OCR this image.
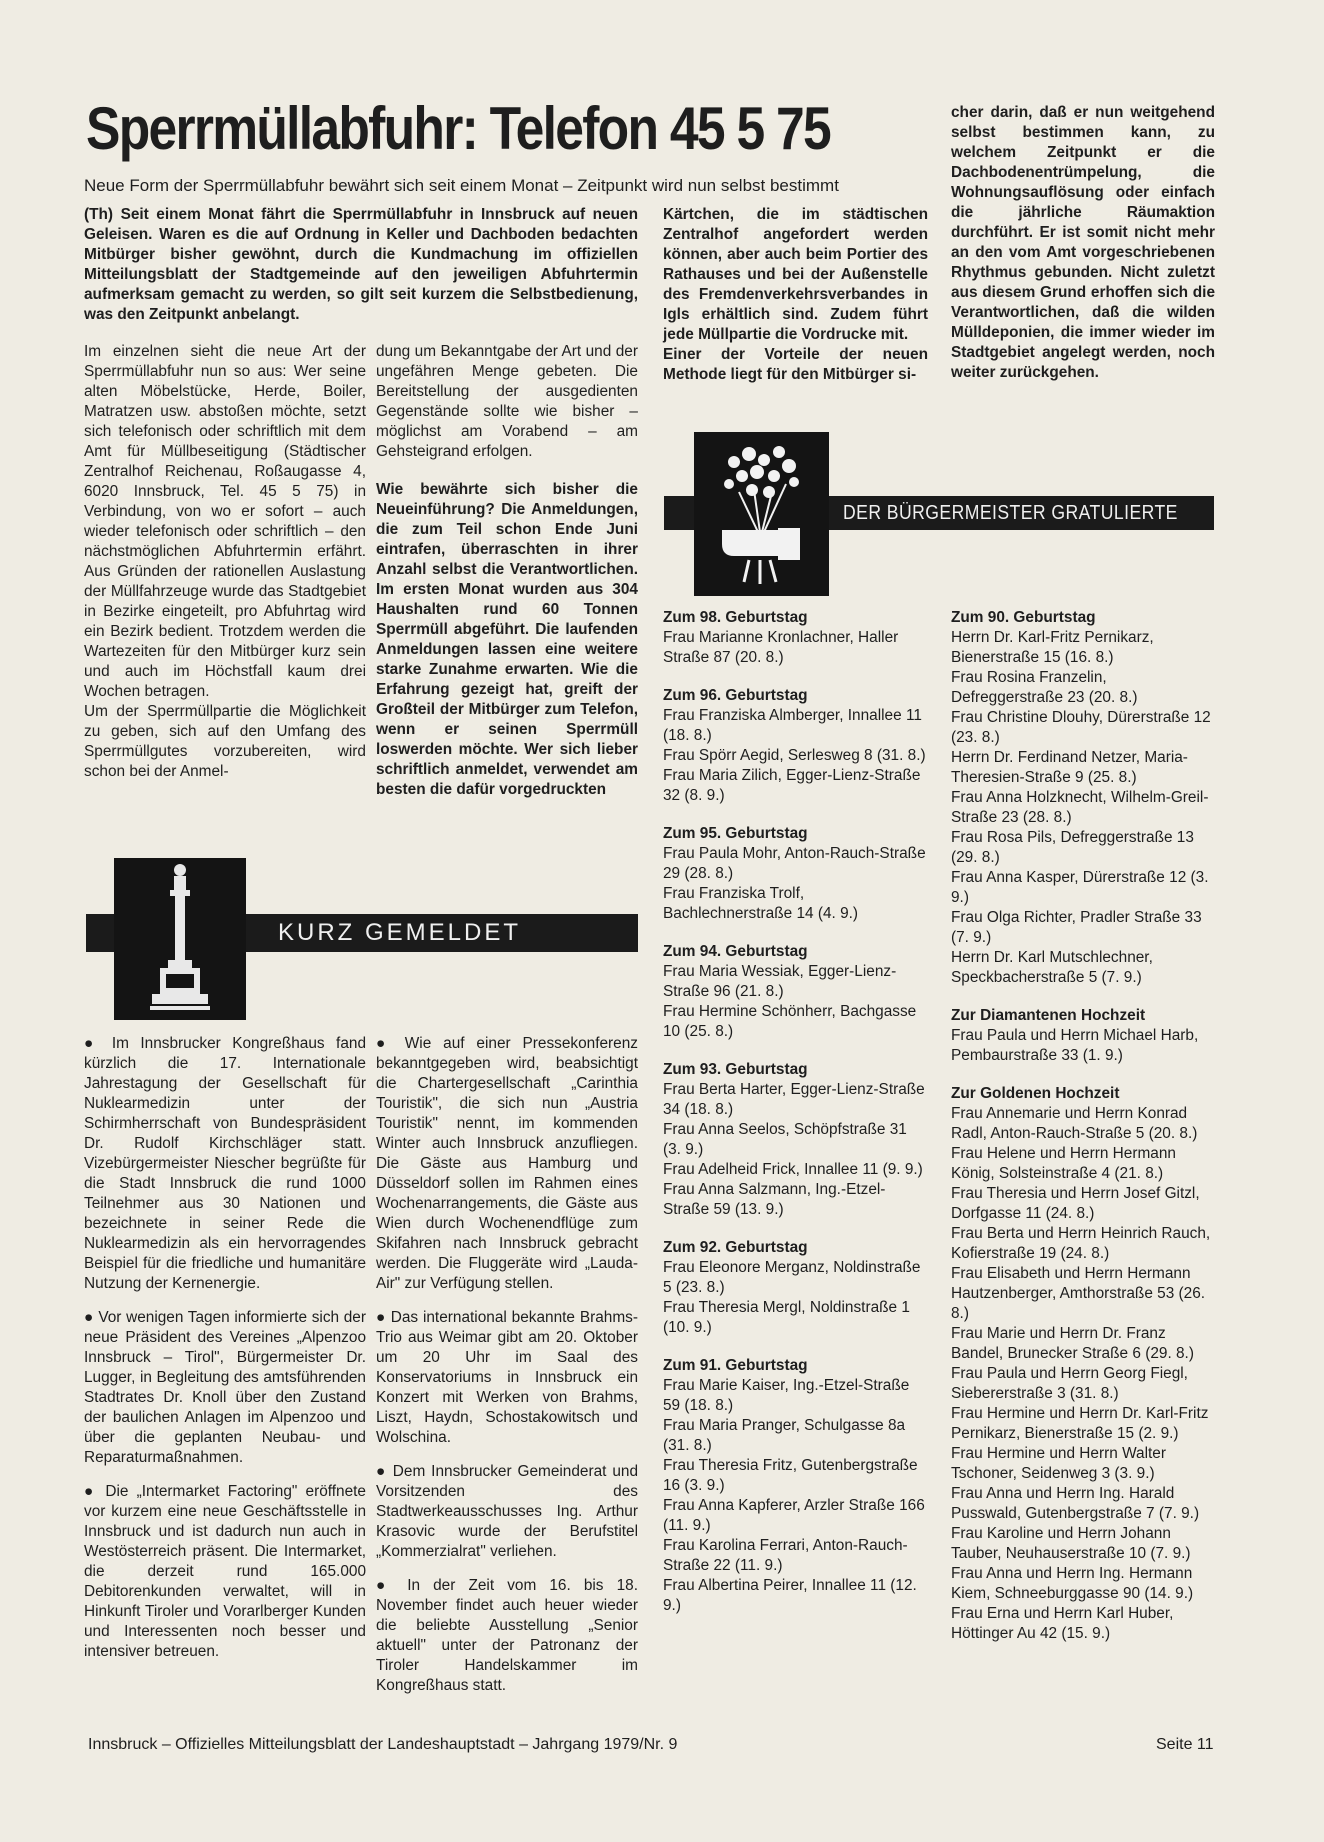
Sperrmüllabfuhr: Telefon 45 5 75
Neue Form der Sperrmüllabfuhr bewährt sich seit einem Monat – Zeitpunkt wird nun selbst bestimmt

(Th) Seit einem Monat fährt die Sperrmüllabfuhr in Innsbruck auf neuen Geleisen. Waren es die auf Ordnung in Keller und Dachboden bedachten Mitbürger bisher gewöhnt, durch die Kundmachung im offiziellen Mitteilungsblatt der Stadtgemeinde auf den jeweiligen Abfuhrtermin aufmerksam gemacht zu werden, so gilt seit kurzem die Selbstbedienung, was den Zeitpunkt anbelangt.

Im einzelnen sieht die neue Art der Sperrmüllabfuhr nun so aus: Wer seine alten Möbelstücke, Herde, Boiler, Matratzen usw. abstoßen möchte, setzt sich telefonisch oder schriftlich mit dem Amt für Müllbeseitigung (Städtischer Zentralhof Reichenau, Roßaugasse 4, 6020 Innsbruck, Tel. 45 5 75) in Verbindung, von wo er sofort – auch wieder telefonisch oder schriftlich – den nächstmöglichen Abfuhrtermin erfährt. Aus Gründen der rationellen Auslastung der Müllfahrzeuge wurde das Stadtgebiet in Bezirke eingeteilt, pro Abfuhrtag wird ein Bezirk bedient. Trotzdem werden die Wartezeiten für den Mitbürger kurz sein und auch im Höchstfall kaum drei Wochen betragen.

Um der Sperrmüllpartie die Möglichkeit zu geben, sich auf den Umfang des Sperrmüllgutes vorzubereiten, wird schon bei der Anmel-

dung um Bekanntgabe der Art und der ungefähren Menge gebeten. Die Bereitstellung der ausgedienten Gegenstände sollte wie bisher – möglichst am Vorabend – am Gehsteigrand erfolgen.

Wie bewährte sich bisher die Neueinführung? Die Anmeldungen, die zum Teil schon Ende Juni eintrafen, überraschten in ihrer Anzahl selbst die Verantwortlichen. Im ersten Monat wurden aus 304 Haushalten rund 60 Tonnen Sperrmüll abgeführt. Die laufenden Anmeldungen lassen eine weitere starke Zunahme erwarten. Wie die Erfahrung gezeigt hat, greift der Großteil der Mitbürger zum Telefon, wenn er seinen Sperrmüll loswerden möchte. Wer sich lieber schriftlich anmeldet, verwendet am besten die dafür vorgedruckten

Kärtchen, die im städtischen Zentralhof angefordert werden können, aber auch beim Portier des Rathauses und bei der Außenstelle des Fremdenverkehrsverbandes in Igls erhältlich sind. Zudem führt jede Müllpartie die Vordrucke mit.

Einer der Vorteile der neuen Methode liegt für den Mitbürger si-

cher darin, daß er nun weitgehend selbst bestimmen kann, zu welchem Zeitpunkt er die Dachbodenentrümpelung, die Wohnungsauflösung oder einfach die jährliche Räumaktion durchführt. Er ist somit nicht mehr an den vom Amt vorgeschriebenen Rhythmus gebunden. Nicht zuletzt aus diesem Grund erhoffen sich die Verantwortlichen, daß die wilden Mülldeponien, die immer wieder im Stadtgebiet angelegt werden, noch weiter zurückgehen.

DER BÜRGERMEISTER GRATULIERTE
KURZ GEMELDET

● Im Innsbrucker Kongreßhaus fand kürzlich die 17. Internationale Jahrestagung der Gesellschaft für Nuklearmedizin unter der Schirmherrschaft von Bundespräsident Dr. Rudolf Kirchschläger statt. Vizebürgermeister Niescher begrüßte für die Stadt Innsbruck die rund 1000 Teilnehmer aus 30 Nationen und bezeichnete in seiner Rede die Nuklearmedizin als ein hervorragendes Beispiel für die friedliche und humanitäre Nutzung der Kernenergie.

● Vor wenigen Tagen informierte sich der neue Präsident des Vereines „Alpenzoo Innsbruck – Tirol", Bürgermeister Dr. Lugger, in Begleitung des amtsführenden Stadtrates Dr. Knoll über den Zustand der baulichen Anlagen im Alpenzoo und über die geplanten Neubau- und Reparaturmaßnahmen.

● Die „Intermarket Factoring" eröffnete vor kurzem eine neue Geschäftsstelle in Innsbruck und ist dadurch nun auch in Westösterreich präsent. Die Intermarket, die derzeit rund 165.000 Debitorenkunden verwaltet, will in Hinkunft Tiroler und Vorarlberger Kunden und Interessenten noch besser und intensiver betreuen.

● Wie auf einer Pressekonferenz bekanntgegeben wird, beabsichtigt die Chartergesellschaft „Carinthia Touristik", die sich nun „Austria Touristik" nennt, im kommenden Winter auch Innsbruck anzufliegen. Die Gäste aus Hamburg und Düsseldorf sollen im Rahmen eines Wochenarrangements, die Gäste aus Wien durch Wochenendflüge zum Skifahren nach Innsbruck gebracht werden. Die Fluggeräte wird „Lauda-Air" zur Verfügung stellen.

● Das international bekannte Brahms-Trio aus Weimar gibt am 20. Oktober um 20 Uhr im Saal des Konservatoriums in Innsbruck ein Konzert mit Werken von Brahms, Liszt, Haydn, Schostakowitsch und Wolschina.

● Dem Innsbrucker Gemeinderat und Vorsitzenden des Stadtwerkeausschusses Ing. Arthur Krasovic wurde der Berufstitel „Kommerzialrat" verliehen.

● In der Zeit vom 16. bis 18. November findet auch heuer wieder die beliebte Ausstellung „Senior aktuell" unter der Patronanz der Tiroler Handelskammer im Kongreßhaus statt.

Zum 98. Geburtstag

Frau Marianne Kronlachner, Haller Straße 87 (20. 8.)

Zum 96. Geburtstag

Frau Franziska Almberger, Innallee 11 (18. 8.)

Frau Spörr Aegid, Serlesweg 8 (31. 8.)

Frau Maria Zilich, Egger-Lienz-Straße 32 (8. 9.)

Zum 95. Geburtstag

Frau Paula Mohr, Anton-Rauch-Straße 29 (28. 8.)

Frau Franziska Trolf, Bachlechnerstraße 14 (4. 9.)

Zum 94. Geburtstag

Frau Maria Wessiak, Egger-Lienz-Straße 96 (21. 8.)

Frau Hermine Schönherr, Bachgasse 10 (25. 8.)

Zum 93. Geburtstag

Frau Berta Harter, Egger-Lienz-Straße 34 (18. 8.)

Frau Anna Seelos, Schöpfstraße 31 (3. 9.)

Frau Adelheid Frick, Innallee 11 (9. 9.)

Frau Anna Salzmann, Ing.-Etzel-Straße 59 (13. 9.)

Zum 92. Geburtstag

Frau Eleonore Merganz, Noldinstraße 5 (23. 8.)

Frau Theresia Mergl, Noldinstraße 1 (10. 9.)

Zum 91. Geburtstag

Frau Marie Kaiser, Ing.-Etzel-Straße 59 (18. 8.)

Frau Maria Pranger, Schulgasse 8a (31. 8.)

Frau Theresia Fritz, Gutenbergstraße 16 (3. 9.)

Frau Anna Kapferer, Arzler Straße 166 (11. 9.)

Frau Karolina Ferrari, Anton-Rauch-Straße 22 (11. 9.)

Frau Albertina Peirer, Innallee 11 (12. 9.)

Zum 90. Geburtstag

Herrn Dr. Karl-Fritz Pernikarz, Bienerstraße 15 (16. 8.)

Frau Rosina Franzelin, Defreggerstraße 23 (20. 8.)

Frau Christine Dlouhy, Dürerstraße 12 (23. 8.)

Herrn Dr. Ferdinand Netzer, Maria-Theresien-Straße 9 (25. 8.)

Frau Anna Holzknecht, Wilhelm-Greil-Straße 23 (28. 8.)

Frau Rosa Pils, Defreggerstraße 13 (29. 8.)

Frau Anna Kasper, Dürerstraße 12 (3. 9.)

Frau Olga Richter, Pradler Straße 33 (7. 9.)

Herrn Dr. Karl Mutschlechner, Speckbacherstraße 5 (7. 9.)

Zur Diamantenen Hochzeit

Frau Paula und Herrn Michael Harb, Pembaurstraße 33 (1. 9.)

Zur Goldenen Hochzeit

Frau Annemarie und Herrn Konrad Radl, Anton-Rauch-Straße 5 (20. 8.)

Frau Helene und Herrn Hermann König, Solsteinstraße 4 (21. 8.)

Frau Theresia und Herrn Josef Gitzl, Dorfgasse 11 (24. 8.)

Frau Berta und Herrn Heinrich Rauch, Kofierstraße 19 (24. 8.)

Frau Elisabeth und Herrn Hermann Hautzenberger, Amthorstraße 53 (26. 8.)

Frau Marie und Herrn Dr. Franz Bandel, Brunecker Straße 6 (29. 8.)

Frau Paula und Herrn Georg Fiegl, Siebererstraße 3 (31. 8.)

Frau Hermine und Herrn Dr. Karl-Fritz Pernikarz, Bienerstraße 15 (2. 9.)

Frau Hermine und Herrn Walter Tschoner, Seidenweg 3 (3. 9.)

Frau Anna und Herrn Ing. Harald Pusswald, Gutenbergstraße 7 (7. 9.)

Frau Karoline und Herrn Johann Tauber, Neuhauserstraße 10 (7. 9.)

Frau Anna und Herrn Ing. Hermann Kiem, Schneeburggasse 90 (14. 9.)

Frau Erna und Herrn Karl Huber, Höttinger Au 42 (15. 9.)

Innsbruck – Offizielles Mitteilungsblatt der Landeshauptstadt – Jahrgang 1979/Nr. 9	Seite 11
